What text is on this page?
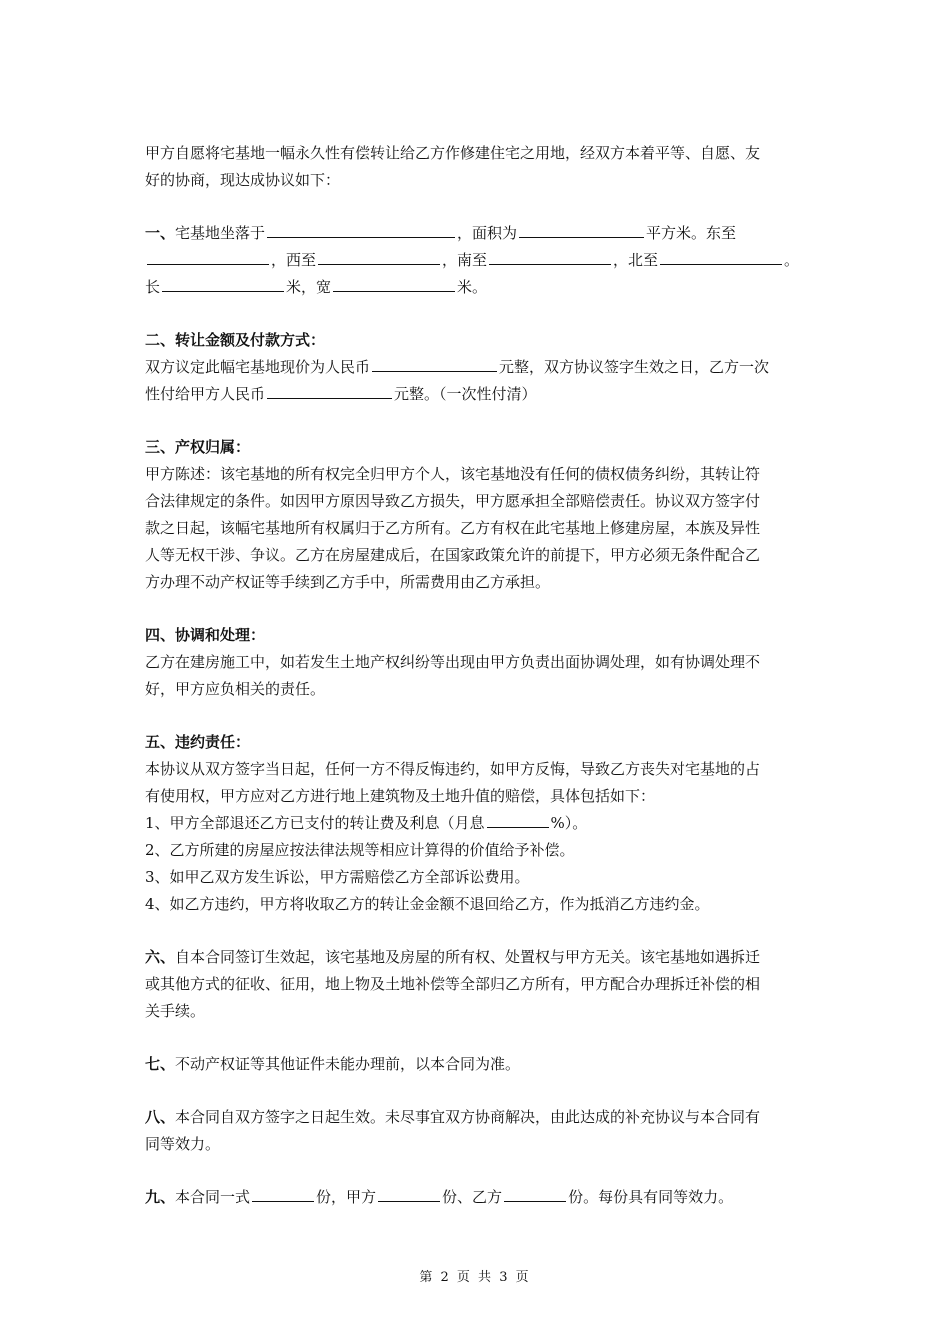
甲方自愿将宅基地一幅永久性有偿转让给乙方作修建住宅之用地，经双方本着平等、自愿、友
好的协商，现达成协议如下：
一、宅基地坐落于	，面积为	平方米。东至
，西至	，南至	，北至	。
长	米，宽	米。
二、转让金额及付款方式：
双方议定此幅宅基地现价为人民币	元整，双方协议签字生效之日，乙方一次
性付给甲方人民币	元整。（一次性付清）
三、产权归属：
甲方陈述：该宅基地的所有权完全归甲方个人，该宅基地没有任何的债权债务纠纷，其转让符
合法律规定的条件。如因甲方原因导致乙方损失，甲方愿承担全部赔偿责任。协议双方签字付
款之日起，该幅宅基地所有权属归于乙方所有。乙方有权在此宅基地上修建房屋，本族及异性
人等无权干涉、争议。乙方在房屋建成后，在国家政策允许的前提下，甲方必须无条件配合乙
方办理不动产权证等手续到乙方手中，所需费用由乙方承担。
四、协调和处理：
乙方在建房施工中，如若发生土地产权纠纷等出现由甲方负责出面协调处理，如有协调处理不
好，甲方应负相关的责任。
五、违约责任：
本协议从双方签字当日起，任何一方不得反悔违约，如甲方反悔，导致乙方丧失对宅基地的占
有使用权，甲方应对乙方进行地上建筑物及土地升值的赔偿，具体包括如下：
1、甲方全部退还乙方已支付的转让费及利息（月息	%）。
2、乙方所建的房屋应按法律法规等相应计算得的价值给予补偿。
3、如甲乙双方发生诉讼，甲方需赔偿乙方全部诉讼费用。
4、如乙方违约，甲方将收取乙方的转让金金额不退回给乙方，作为抵消乙方违约金。
六、自本合同签订生效起，该宅基地及房屋的所有权、处置权与甲方无关。该宅基地如遇拆迁
或其他方式的征收、征用，地上物及土地补偿等全部归乙方所有，甲方配合办理拆迁补偿的相
关手续。
七、不动产权证等其他证件未能办理前，以本合同为准。
八、本合同自双方签字之日起生效。未尽事宜双方协商解决，由此达成的补充协议与本合同有
同等效力。
九、本合同一式	份，甲方	份、乙方	份。每份具有同等效力。
第 2 页 共 3 页
